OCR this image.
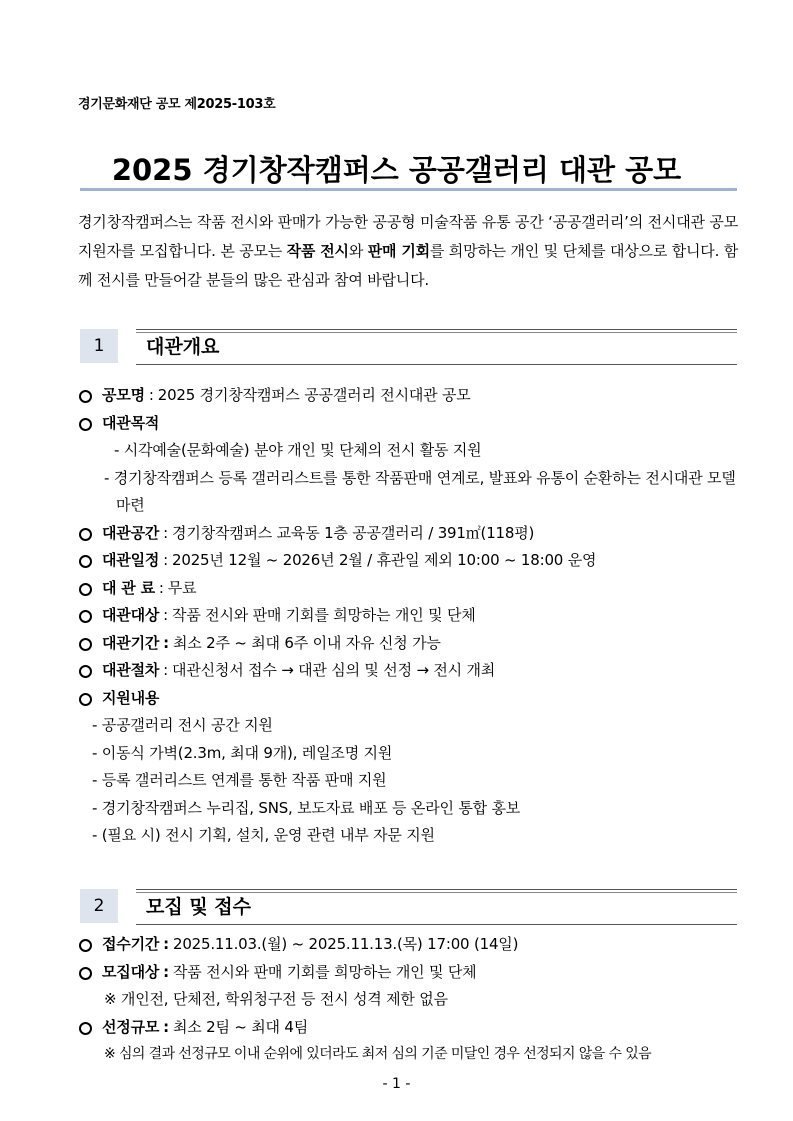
경기문화재단 공모 제2025-103호
2025 경기창작캠퍼스 공공갤러리 대관 공모
경기창작캠퍼스는 작품 전시와 판매가 가능한 공공형 미술작품 유통 공간 ‘공공갤러리’의 전시대관 공모 지원자를 모집합니다. 본 공모는 작품 전시와 판매 기회를 희망하는 개인 및 단체를 대상으로 합니다. 함께 전시를 만들어갈 분들의 많은 관심과 참여 바랍니다.
1	대관개요
공모명 : 2025 경기창작캠퍼스 공공갤러리 전시대관 공모
대관목적
- 시각예술(문화예술) 분야 개인 및 단체의 전시 활동 지원
- 경기창작캠퍼스 등록 갤러리스트를 통한 작품판매 연계로, 발표와 유통이 순환하는 전시대관 모델 마련
대관공간 : 경기창작캠퍼스 교육동 1층 공공갤러리 / 391㎡(118평)
대관일정 : 2025년 12월 ~ 2026년 2월 / 휴관일 제외 10:00 ~ 18:00 운영
대 관 료 : 무료
대관대상 : 작품 전시와 판매 기회를 희망하는 개인 및 단체
대관기간 : 최소 2주 ~ 최대 6주 이내 자유 신청 가능
대관절차 : 대관신청서 접수 → 대관 심의 및 선정 → 전시 개최
지원내용
- 공공갤러리 전시 공간 지원
- 이동식 가벽(2.3m, 최대 9개), 레일조명 지원
- 등록 갤러리스트 연계를 통한 작품 판매 지원
- 경기창작캠퍼스 누리집, SNS, 보도자료 배포 등 온라인 통합 홍보
- (필요 시) 전시 기획, 설치, 운영 관련 내부 자문 지원
2	모집 및 접수
접수기간 : 2025.11.03.(월) ~ 2025.11.13.(목) 17:00 (14일)
모집대상 : 작품 전시와 판매 기회를 희망하는 개인 및 단체
※ 개인전, 단체전, 학위청구전 등 전시 성격 제한 없음
선정규모 : 최소 2팀 ~ 최대 4팀
※ 심의 결과 선정규모 이내 순위에 있더라도 최저 심의 기준 미달인 경우 선정되지 않을 수 있음
- 1 -
